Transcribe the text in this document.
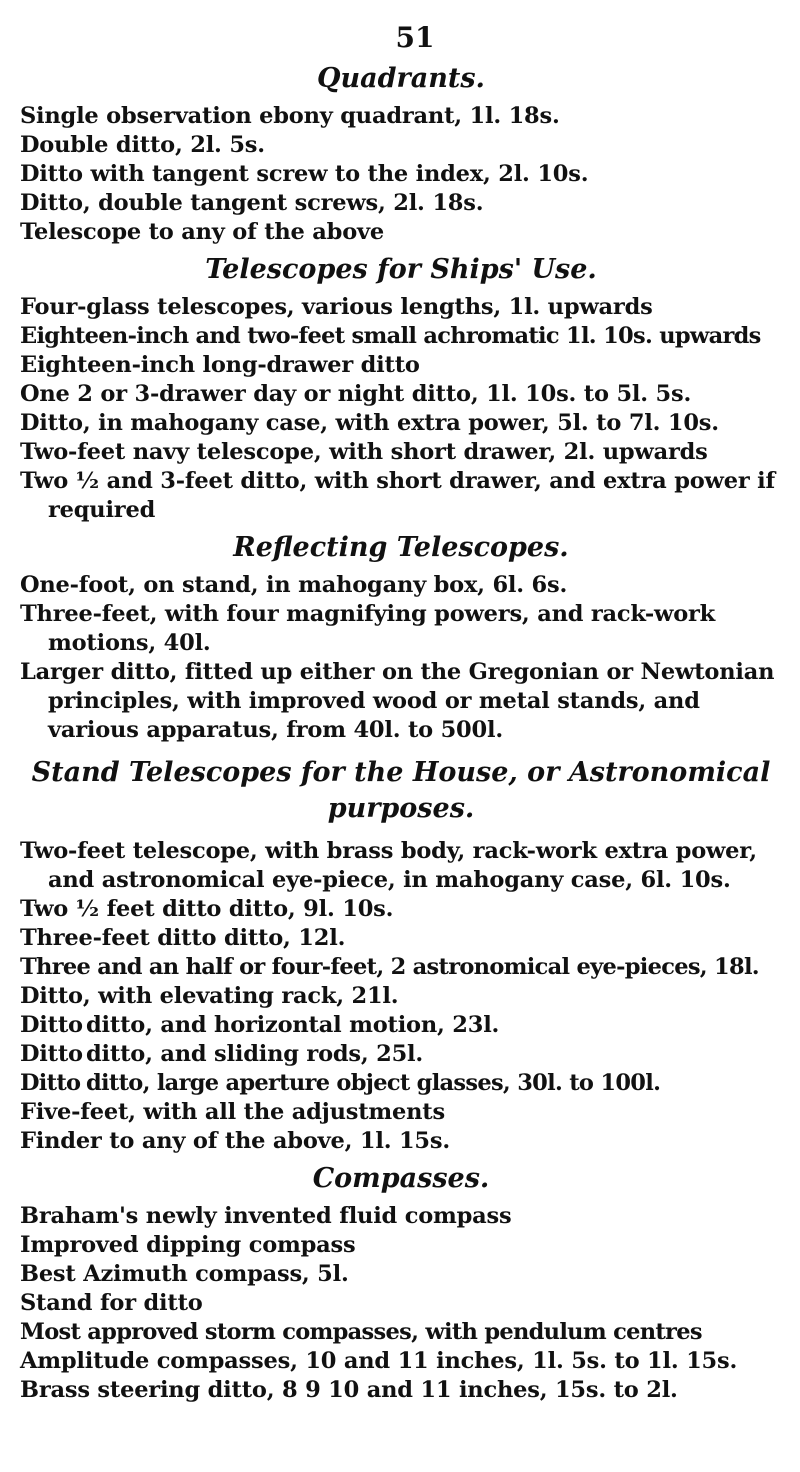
51
Quadrants.
Single observation ebony quadrant, 1l. 18s.
Double ditto, 2l. 5s.
Ditto with tangent screw to the index, 2l. 10s.
Ditto, double tangent screws, 2l. 18s.
Telescope to any of the above
Telescopes for Ships' Use.
Four-glass telescopes, various lengths, 1l. upwards
Eighteen-inch and two-feet small achromatic 1l. 10s. upwards
Eighteen-inch long-drawer ditto
One 2 or 3-drawer day or night ditto, 1l. 10s. to 5l. 5s.
Ditto, in mahogany case, with extra power, 5l. to 7l. 10s.
Two-feet navy telescope, with short drawer, 2l. upwards
Two ½ and 3-feet ditto, with short drawer, and extra power if required
Reflecting Telescopes.
One-foot, on stand, in mahogany box, 6l. 6s.
Three-feet, with four magnifying powers, and rack-work motions, 40l.
Larger ditto, fitted up either on the Gregonian or Newtonian principles, with improved wood or metal stands, and various apparatus, from 40l. to 500l.
Stand Telescopes for the House, or Astronomical
purposes.
Two-feet telescope, with brass body, rack-work extra power, and astronomical eye-piece, in mahogany case, 6l. 10s.
Two ½ feet ditto ditto, 9l. 10s.
Three-feet ditto ditto, 12l.
Three and an half or four-feet, 2 astronomical eye-pieces, 18l.
Ditto, with elevating rack, 21l.
Ditto ditto, and horizontal motion, 23l.
Ditto ditto, and sliding rods, 25l.
Ditto ditto, large aperture object glasses, 30l. to 100l.
Five-feet, with all the adjustments
Finder to any of the above, 1l. 15s.
Compasses.
Braham's newly invented fluid compass
Improved dipping compass
Best Azimuth compass, 5l.
Stand for ditto
Most approved storm compasses, with pendulum centres
Amplitude compasses, 10 and 11 inches, 1l. 5s. to 1l. 15s.
Brass steering ditto, 8 9 10 and 11 inches, 15s. to 2l.
